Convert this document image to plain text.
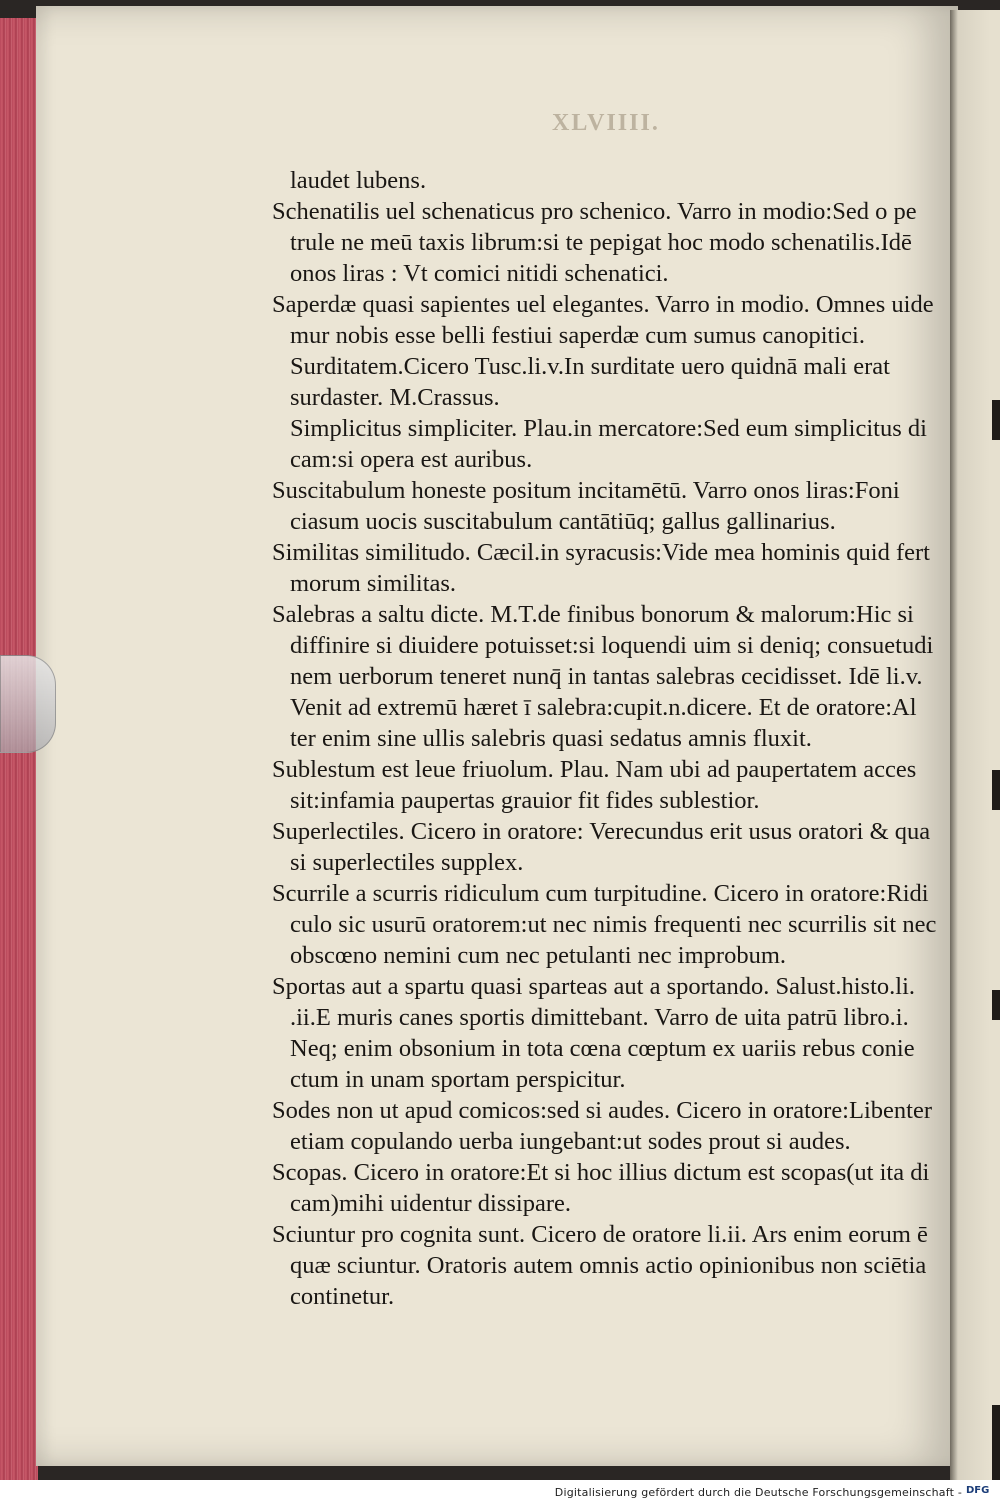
XLVIIII.
laudet lubens.
Schenatilis uel schenaticus pro schenico. Varro in modio:Sed o pe
trule ne meū taxis librum:si te pepigat hoc modo schenatilis.Idē
onos liras : Vt comici nitidi schenatici.
Saperdæ quasi sapientes uel elegantes. Varro in modio. Omnes uide
mur nobis esse belli festiui saperdæ cum sumus canopitici.
Surditatem.Cicero Tusc.li.v.In surditate uero quidnā mali erat
surdaster. M.Crassus.
Simplicitus simpliciter. Plau.in mercatore:Sed eum simplicitus di
cam:si opera est auribus.
Suscitabulum honeste positum incitamētū. Varro onos liras:Foni
ciasum uocis suscitabulum cantātiūq; gallus gallinarius.
Similitas similitudo. Cæcil.in syracusis:Vide mea hominis quid fert
morum similitas.
Salebras a saltu dicte. M.T.de finibus bonorum & malorum:Hic si
diffinire si diuidere potuisset:si loquendi uim si deniq; consuetudi
nem uerborum teneret nunq̄ in tantas salebras cecidisset. Idē li.v.
Venit ad extremū hæret ī salebra:cupit.n.dicere. Et de oratore:Al
ter enim sine ullis salebris quasi sedatus amnis fluxit.
Sublestum est leue friuolum. Plau. Nam ubi ad paupertatem acces
sit:infamia paupertas grauior fit fides sublestior.
Superlectiles. Cicero in oratore: Verecundus erit usus oratori & qua
si superlectiles supplex.
Scurrile a scurris ridiculum cum turpitudine. Cicero in oratore:Ridi
culo sic usurū oratorem:ut nec nimis frequenti nec scurrilis sit nec
obscœno nemini cum nec petulanti nec improbum.
Sportas aut a spartu quasi sparteas aut a sportando. Salust.histo.li.
.ii.E muris canes sportis dimittebant. Varro de uita patrū libro.i.
Neq; enim obsonium in tota cœna cœptum ex uariis rebus conie
ctum in unam sportam perspicitur.
Sodes non ut apud comicos:sed si audes. Cicero in oratore:Libenter
etiam copulando uerba iungebant:ut sodes prout si audes.
Scopas. Cicero in oratore:Et si hoc illius dictum est scopas(ut ita di
cam)mihi uidentur dissipare.
Sciuntur pro cognita sunt. Cicero de oratore li.ii. Ars enim eorum ē
quæ sciuntur. Oratoris autem omnis actio opinionibus non sciētia
continetur.
Digitalisierung gefördert durch die Deutsche Forschungsgemeinschaft - DFG
